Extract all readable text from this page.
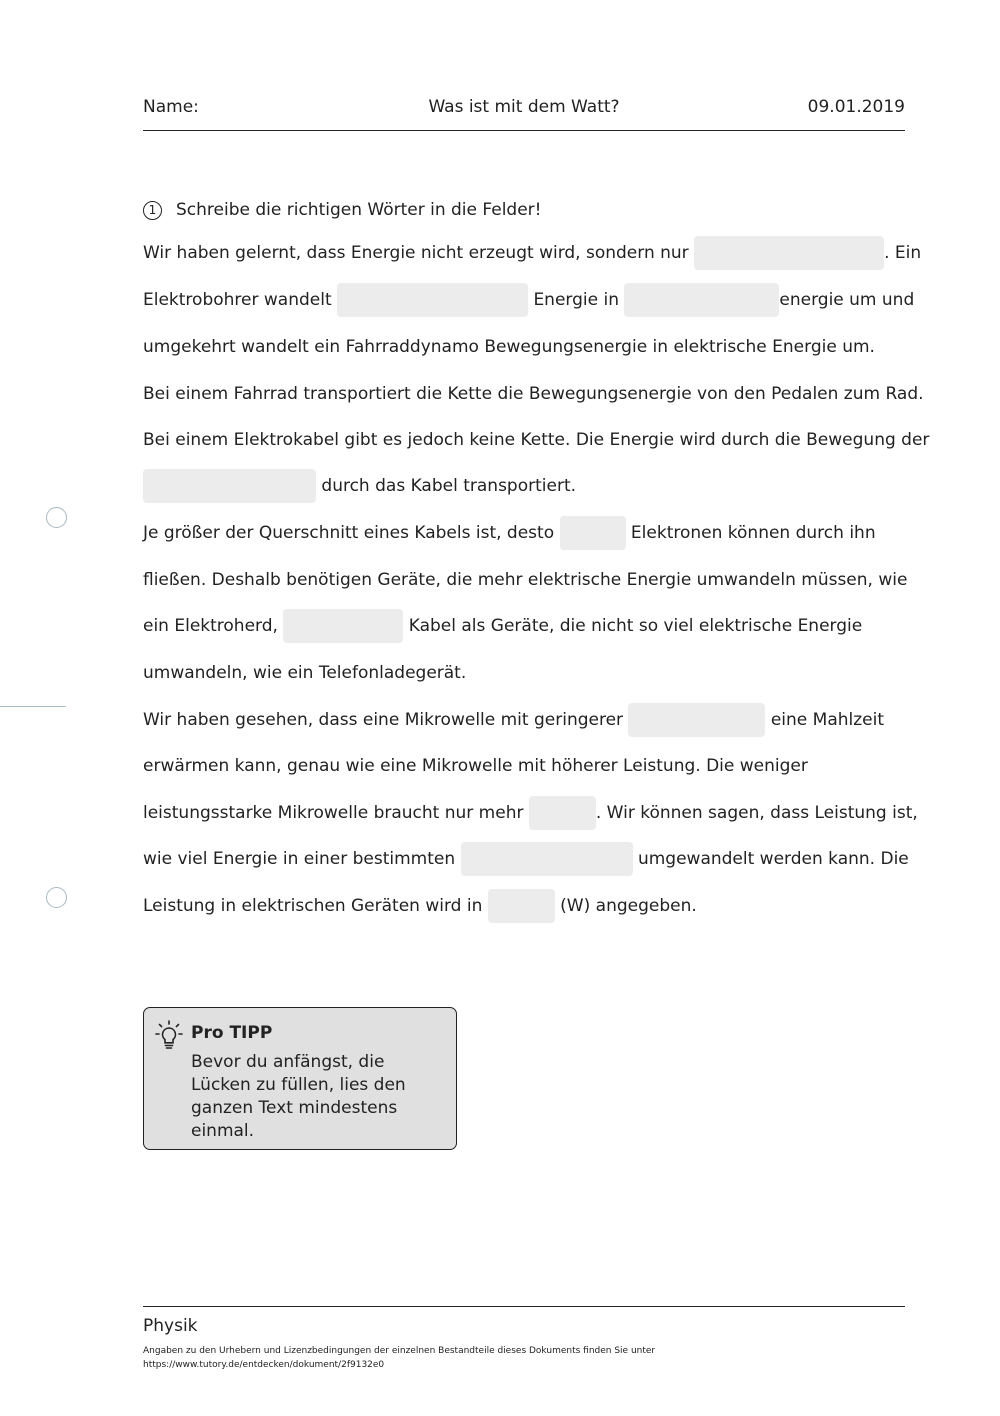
Was ist mit dem Watt?
Name:	09.01.2019
1 Schreibe die richtigen Wörter in die Felder!
Wir haben gelernt, dass Energie nicht erzeugt wird, sondern nur	. Ein
Elektrobohrer wandelt	Energie in	energie um und
umgekehrt wandelt ein Fahrraddynamo Bewegungsenergie in elektrische Energie um.
Bei einem Fahrrad transportiert die Kette die Bewegungsenergie von den Pedalen zum Rad.
Bei einem Elektrokabel gibt es jedoch keine Kette. Die Energie wird durch die Bewegung der
durch das Kabel transportiert.
Je größer der Querschnitt eines Kabels ist, desto	Elektronen können durch ihn
fließen. Deshalb benötigen Geräte, die mehr elektrische Energie umwandeln müssen, wie
ein Elektroherd,	Kabel als Geräte, die nicht so viel elektrische Energie
umwandeln, wie ein Telefonladegerät.
Wir haben gesehen, dass eine Mikrowelle mit geringerer	eine Mahlzeit
erwärmen kann, genau wie eine Mikrowelle mit höherer Leistung. Die weniger
leistungsstarke Mikrowelle braucht nur mehr	. Wir können sagen, dass Leistung ist,
wie viel Energie in einer bestimmten	umgewandelt werden kann. Die
Leistung in elektrischen Geräten wird in	(W) angegeben.
Pro TIPP
Bevor du anfängst, die Lücken zu füllen, lies den ganzen Text mindestens einmal.
Physik
Angaben zu den Urhebern und Lizenzbedingungen der einzelnen Bestandteile dieses Dokuments finden Sie unter
https://www.tutory.de/entdecken/dokument/2f9132e0
